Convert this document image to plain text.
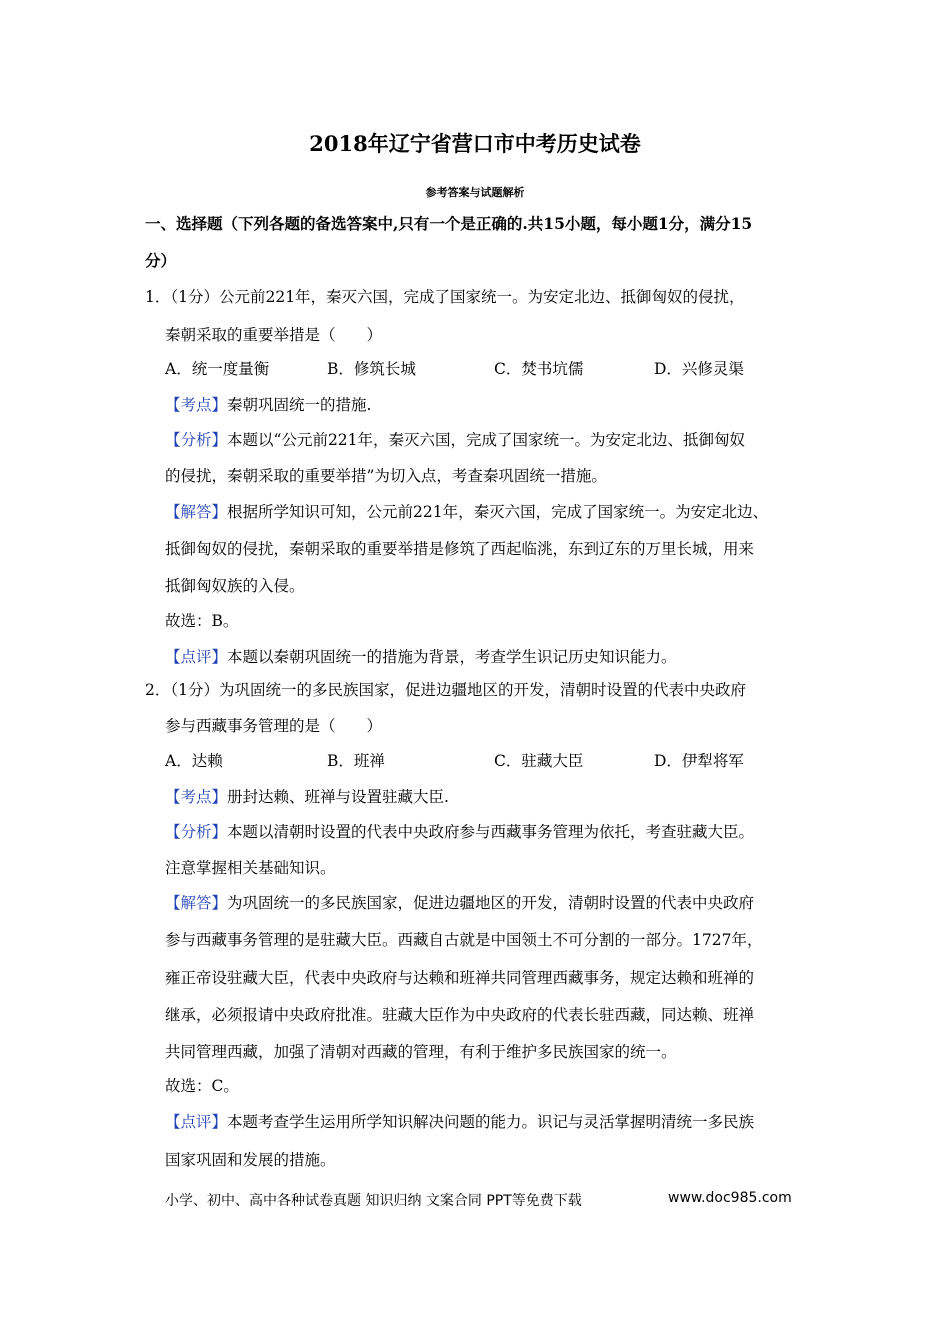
2018年辽宁省营口市中考历史试卷
参考答案与试题解析
一、选择题（下列各题的备选答案中,只有一个是正确的.共15小题，每小题1分，满分15
分）
1．（1分）公元前221年，秦灭六国，完成了国家统一。为安定北边、抵御匈奴的侵扰，
秦朝采取的重要举措是（　　）
A．统一度量衡	B．修筑长城	C．焚书坑儒	D．兴修灵渠
【考点】秦朝巩固统一的措施.
【分析】本题以“公元前221年，秦灭六国，完成了国家统一。为安定北边、抵御匈奴
的侵扰，秦朝采取的重要举措”为切入点，考查秦巩固统一措施。
【解答】根据所学知识可知，公元前221年，秦灭六国，完成了国家统一。为安定北边、
抵御匈奴的侵扰，秦朝采取的重要举措是修筑了西起临洮，东到辽东的万里长城，用来
抵御匈奴族的入侵。
故选：B。
【点评】本题以秦朝巩固统一的措施为背景，考查学生识记历史知识能力。
2．（1分）为巩固统一的多民族国家，促进边疆地区的开发，清朝时设置的代表中央政府
参与西藏事务管理的是（　　）
A．达赖	B．班禅	C．驻藏大臣	D．伊犁将军
【考点】册封达赖、班禅与设置驻藏大臣.
【分析】本题以清朝时设置的代表中央政府参与西藏事务管理为依托，考查驻藏大臣。
注意掌握相关基础知识。
【解答】为巩固统一的多民族国家，促进边疆地区的开发，清朝时设置的代表中央政府
参与西藏事务管理的是驻藏大臣。西藏自古就是中国领土不可分割的一部分。1727年，
雍正帝设驻藏大臣，代表中央政府与达赖和班禅共同管理西藏事务，规定达赖和班禅的
继承，必须报请中央政府批准。驻藏大臣作为中央政府的代表长驻西藏，同达赖、班禅
共同管理西藏，加强了清朝对西藏的管理，有利于维护多民族国家的统一。
故选：C。
【点评】本题考查学生运用所学知识解决问题的能力。识记与灵活掌握明清统一多民族
国家巩固和发展的措施。
小学、初中、高中各种试卷真题 知识归纳 文案合同 PPT等免费下载	www.doc985.com
